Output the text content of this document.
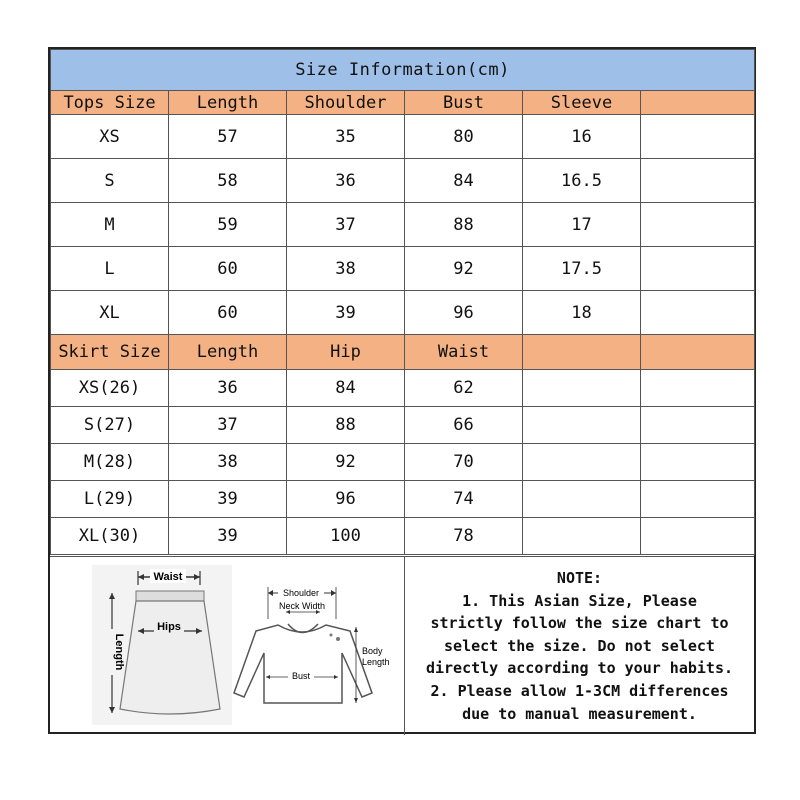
Size Information(cm)					
Tops Size	Length	Shoulder	Bust	Sleeve	
XS	57	35	80	16	
S	58	36	84	16.5	
M	59	37	88	17	
L	60	38	92	17.5	
XL	60	39	96	18	
Skirt Size	Length	Hip	Waist		
XS(26)	36	84	62		
S(27)	37	88	66		
M(28)	38	92	70		
L(29)	39	96	74		
XL(30)	39	100	78		
Waist
Hips
Length
Shoulder
Neck Width
Bust
Body
Length
NOTE:
1. This Asian Size, Please
strictly follow the size chart to
select the size. Do not select
directly according to your habits.
2. Please allow 1-3CM differences
due to manual measurement.
